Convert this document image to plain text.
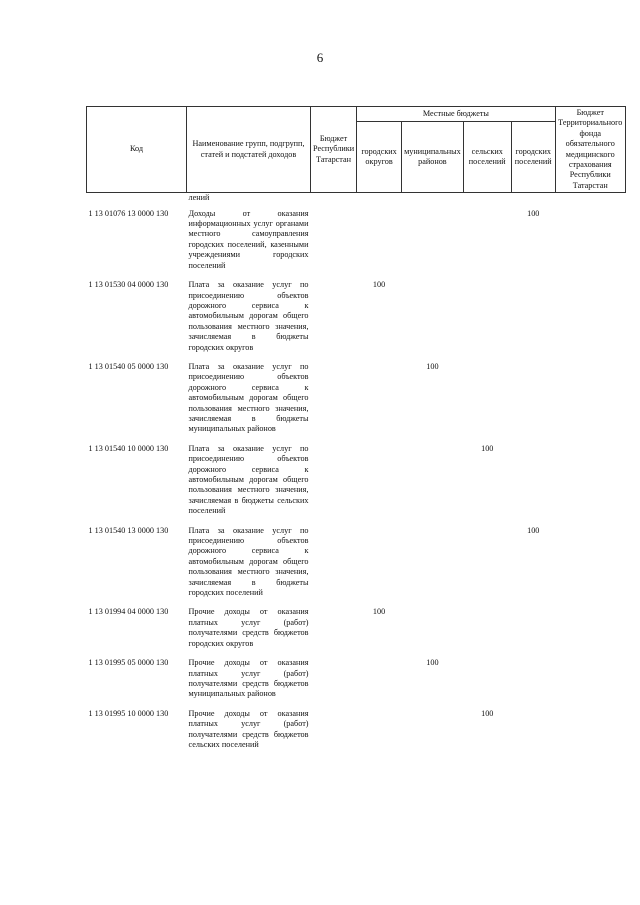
6
Код	Наименование групп, подгрупп, статей и подстатей доходов	Бюджет Республики Татарстан	Местные бюджеты				Бюджет Территориального фонда обязательного медицинского страхования Республики Татарстан
			городских округов	муниципальных районов	сельских поселений	городских поселений	
	лений						
1 13 01076 13 0000 130	Доходы от оказания информационных услуг органами местного самоуправления городских поселений, казенными учреждениями городских поселений					100	
1 13 01530 04 0000 130	Плата за оказание услуг по присоединению объектов дорожного сервиса к автомобильным дорогам общего пользования местного значения, зачисляемая в бюджеты городских округов		100				
1 13 01540 05 0000 130	Плата за оказание услуг по присоединению объектов дорожного сервиса к автомобильным дорогам общего пользования местного значения, зачисляемая в бюджеты муниципальных районов			100			
1 13 01540 10 0000 130	Плата за оказание услуг по присоединению объектов дорожного сервиса к автомобильным дорогам общего пользования местного значения, зачисляемая в бюджеты сельских поселений				100		
1 13 01540 13 0000 130	Плата за оказание услуг по присоединению объектов дорожного сервиса к автомобильным дорогам общего пользования местного значения, зачисляемая в бюджеты городских поселений					100	
1 13 01994 04 0000 130	Прочие доходы от оказания платных услуг (работ) получателями средств бюджетов городских округов		100				
1 13 01995 05 0000 130	Прочие доходы от оказания платных услуг (работ) получателями средств бюджетов муниципальных районов			100			
1 13 01995 10 0000 130	Прочие доходы от оказания платных услуг (работ) получателями средств бюджетов сельских поселений				100		
